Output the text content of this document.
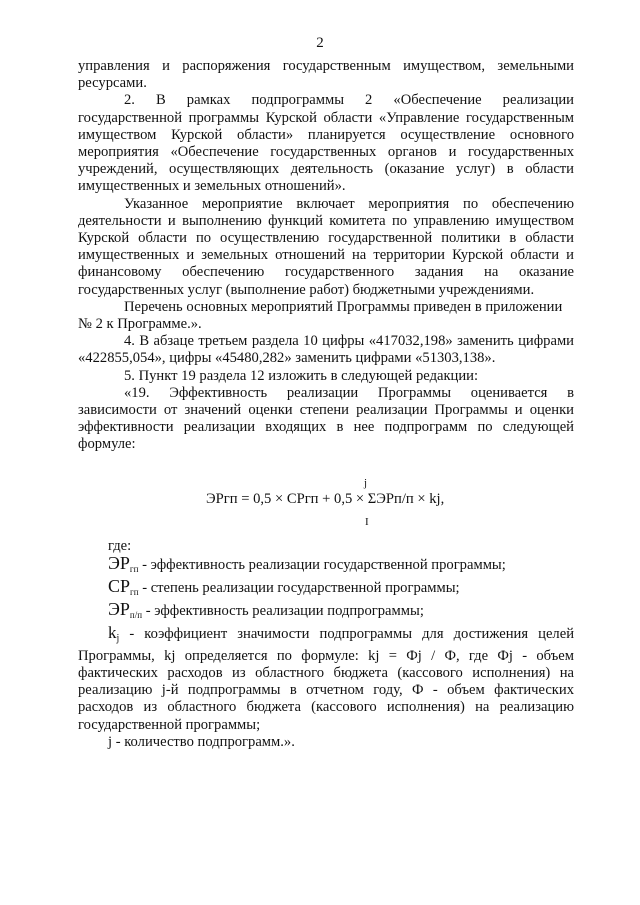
2

управления и распоряжения государственным имуществом, земельными ресурсами.

2. В рамках подпрограммы 2 «Обеспечение реализации государственной программы Курской области «Управление государственным имуществом Курской области» планируется осуществление основного мероприятия «Обеспечение государственных органов и государственных учреждений, осуществляющих деятельность (оказание услуг) в области имущественных и земельных отношений».

Указанное мероприятие включает мероприятия по обеспечению деятельности и выполнению функций комитета по управлению имуществом Курской области по осуществлению государственной политики в области имущественных и земельных отношений на территории Курской области и финансовому обеспечению государственного задания на оказание государственных услуг (выполнение работ) бюджетными учреждениями.

Перечень основных мероприятий Программы приведен в приложении

№ 2 к Программе.».

4. В абзаце третьем раздела 10 цифры «417032,198» заменить цифрами «422855,054», цифры «45480,282» заменить цифрами «51303,138».

5. Пункт 19 раздела 12 изложить в следующей редакции:

«19. Эффективность реализации Программы оценивается в зависимости от значений оценки степени реализации Программы и оценки эффективности реализации входящих в нее подпрограмм по следующей формуле:

j
ЭРгп = 0,5 × СРгп + 0,5 × ΣЭРп/п × kj,
I

где:

$ЭР_{гп}$ - эффективность реализации государственной программы;

$СР_{гп}$ - степень реализации государственной программы;

$ЭР_{п/п}$ - эффективность реализации подпрограммы;

$k_j$ - коэффициент значимости подпрограммы для достижения целей Программы, kj определяется по формуле: kj = Фj / Ф, где Фj - объем фактических расходов из областного бюджета (кассового исполнения) на реализацию j-й подпрограммы в отчетном году, Ф - объем фактических расходов из областного бюджета (кассового исполнения) на реализацию государственной программы;

j - количество подпрограмм.».
